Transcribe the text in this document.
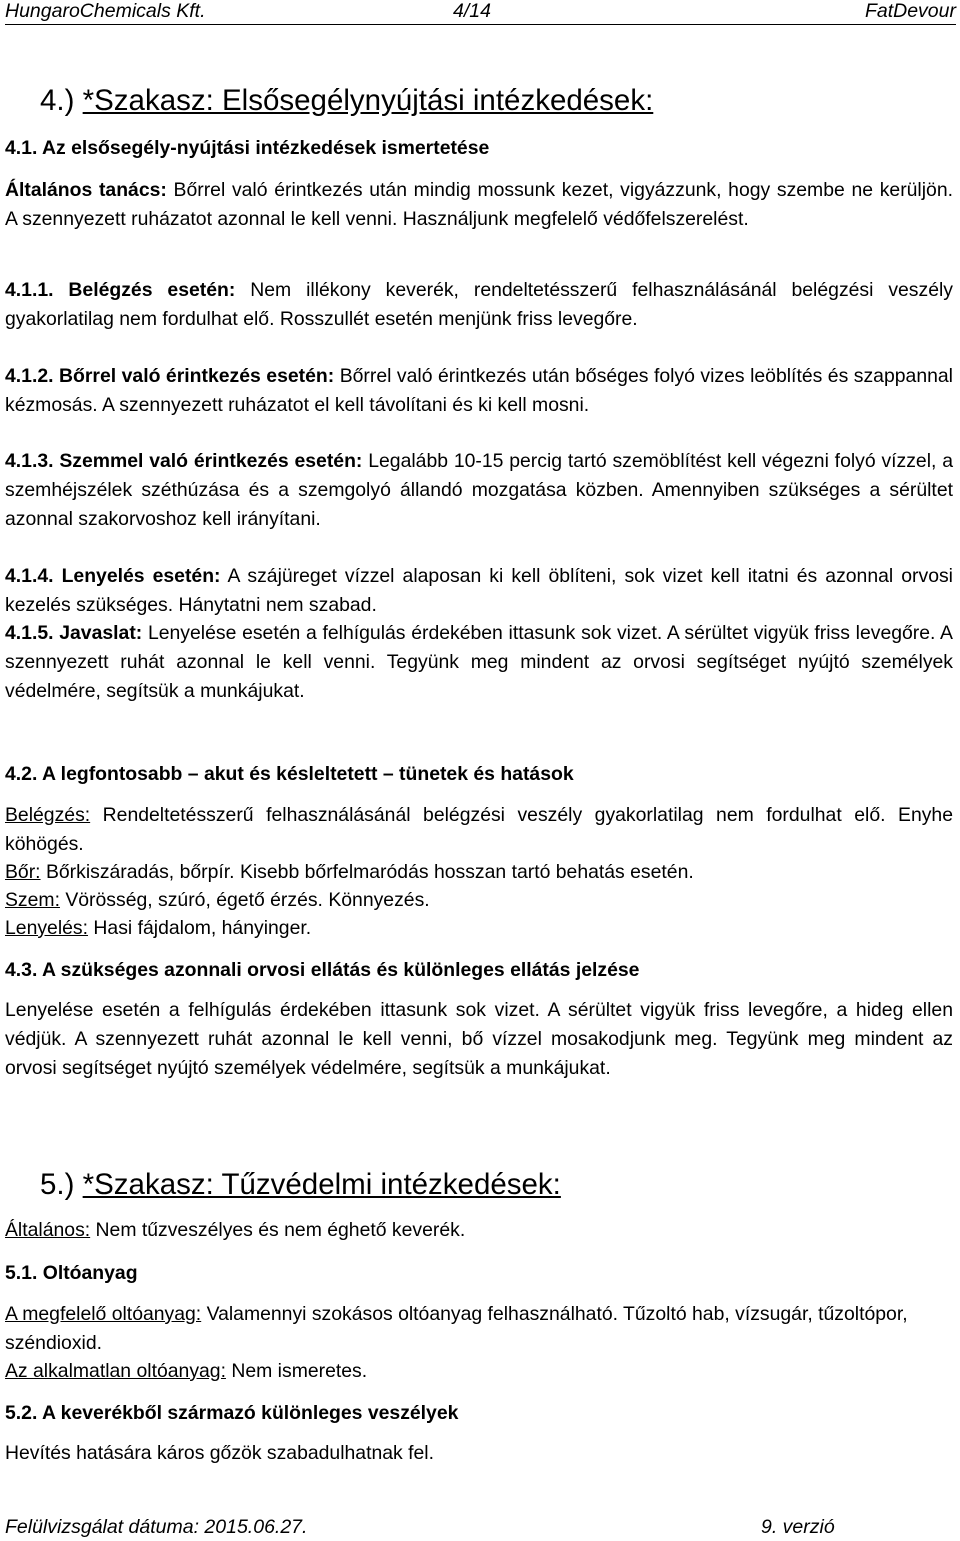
HungaroChemicals Kft.	4/14	FatDevour
4.) *Szakasz: Elsősegélynyújtási intézkedések:
4.1. Az elsősegély-nyújtási intézkedések ismertetése
Általános tanács: Bőrrel való érintkezés után mindig mossunk kezet, vigyázzunk, hogy szembe ne kerüljön. A szennyezett ruházatot azonnal le kell venni. Használjunk megfelelő védőfelszerelést.
4.1.1. Belégzés esetén: Nem illékony keverék, rendeltetésszerű felhasználásánál belégzési veszély gyakorlatilag nem fordulhat elő. Rosszullét esetén menjünk friss levegőre.
4.1.2. Bőrrel való érintkezés esetén: Bőrrel való érintkezés után bőséges folyó vizes leöblítés és szappannal kézmosás. A szennyezett ruházatot el kell távolítani és ki kell mosni.
4.1.3. Szemmel való érintkezés esetén: Legalább 10-15 percig tartó szemöblítést kell végezni folyó vízzel, a szemhéjszélek széthúzása és a szemgolyó állandó mozgatása közben. Amennyiben szükséges a sérültet azonnal szakorvoshoz kell irányítani.
4.1.4. Lenyelés esetén: A szájüreget vízzel alaposan ki kell öblíteni, sok vizet kell itatni és azonnal orvosi kezelés szükséges. Hánytatni nem szabad.
4.1.5. Javaslat: Lenyelése esetén a felhígulás érdekében ittasunk sok vizet. A sérültet vigyük friss levegőre. A szennyezett ruhát azonnal le kell venni. Tegyünk meg mindent az orvosi segítséget nyújtó személyek védelmére, segítsük a munkájukat.
4.2. A legfontosabb – akut és késleltetett – tünetek és hatások
Belégzés: Rendeltetésszerű felhasználásánál belégzési veszély gyakorlatilag nem fordulhat elő. Enyhe köhögés.
Bőr: Bőrkiszáradás, bőrpír. Kisebb bőrfelmaródás hosszan tartó behatás esetén.
Szem: Vörösség, szúró, égető érzés. Könnyezés.
Lenyelés: Hasi fájdalom, hányinger.
4.3. A szükséges azonnali orvosi ellátás és különleges ellátás jelzése
Lenyelése esetén a felhígulás érdekében ittasunk sok vizet. A sérültet vigyük friss levegőre, a hideg ellen védjük. A szennyezett ruhát azonnal le kell venni, bő vízzel mosakodjunk meg. Tegyünk meg mindent az orvosi segítséget nyújtó személyek védelmére, segítsük a munkájukat.
5.) *Szakasz: Tűzvédelmi intézkedések:
Általános: Nem tűzveszélyes és nem éghető keverék.
5.1. Oltóanyag
A megfelelő oltóanyag: Valamennyi szokásos oltóanyag felhasználható. Tűzoltó hab, vízsugár, tűzoltópor, széndioxid.
Az alkalmatlan oltóanyag: Nem ismeretes.
5.2. A keverékből származó különleges veszélyek
Hevítés hatására káros gőzök szabadulhatnak fel.
Felülvizsgálat dátuma: 2015.06.27.	9. verzió
